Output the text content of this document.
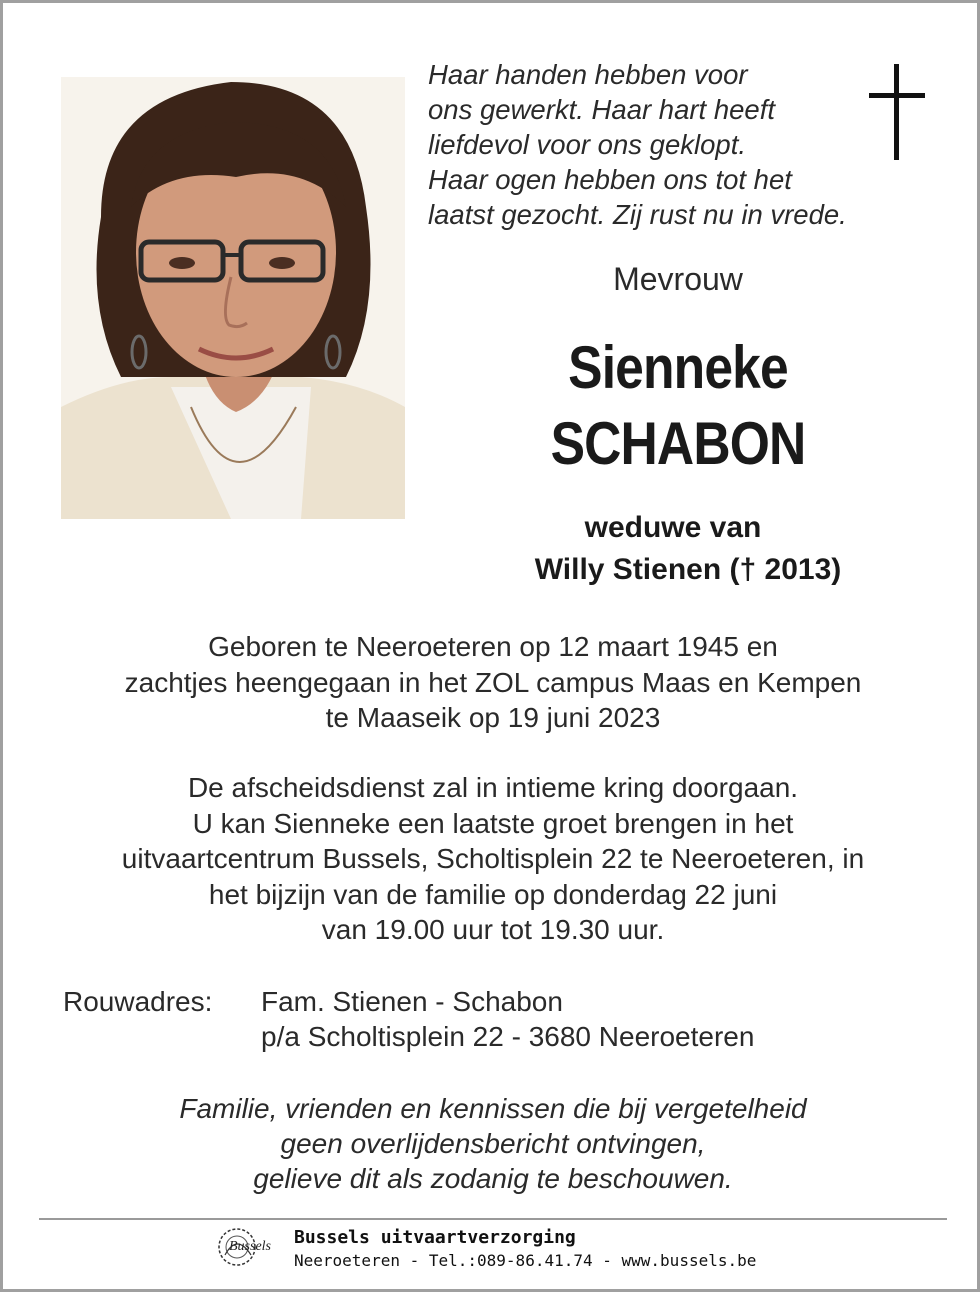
Haar handen hebben voor
ons gewerkt. Haar hart heeft
liefdevol voor ons geklopt.
Haar ogen hebben ons tot het
laatst gezocht. Zij rust nu in vrede.
Mevrouw
Sienneke
SCHABON
weduwe van
Willy Stienen († 2013)
Geboren te Neeroeteren op 12 maart 1945 en
zachtjes heengegaan in het ZOL campus Maas en Kempen
te Maaseik op 19 juni 2023
De afscheidsdienst zal in intieme kring doorgaan.
U kan Sienneke een laatste groet brengen in het
uitvaartcentrum Bussels, Scholtisplein 22 te Neeroeteren, in
het bijzijn van de familie op donderdag 22 juni
van 19.00 uur tot 19.30 uur.
Rouwadres: Fam. Stienen - Schabon
p/a Scholtisplein 22 - 3680 Neeroeteren
Familie, vrienden en kennissen die bij vergetelheid
geen overlijdensbericht ontvingen,
gelieve dit als zodanig te beschouwen.
Bussels Bussels uitvaartverzorging
Neeroeteren - Tel.:089-86.41.74 - www.bussels.be
